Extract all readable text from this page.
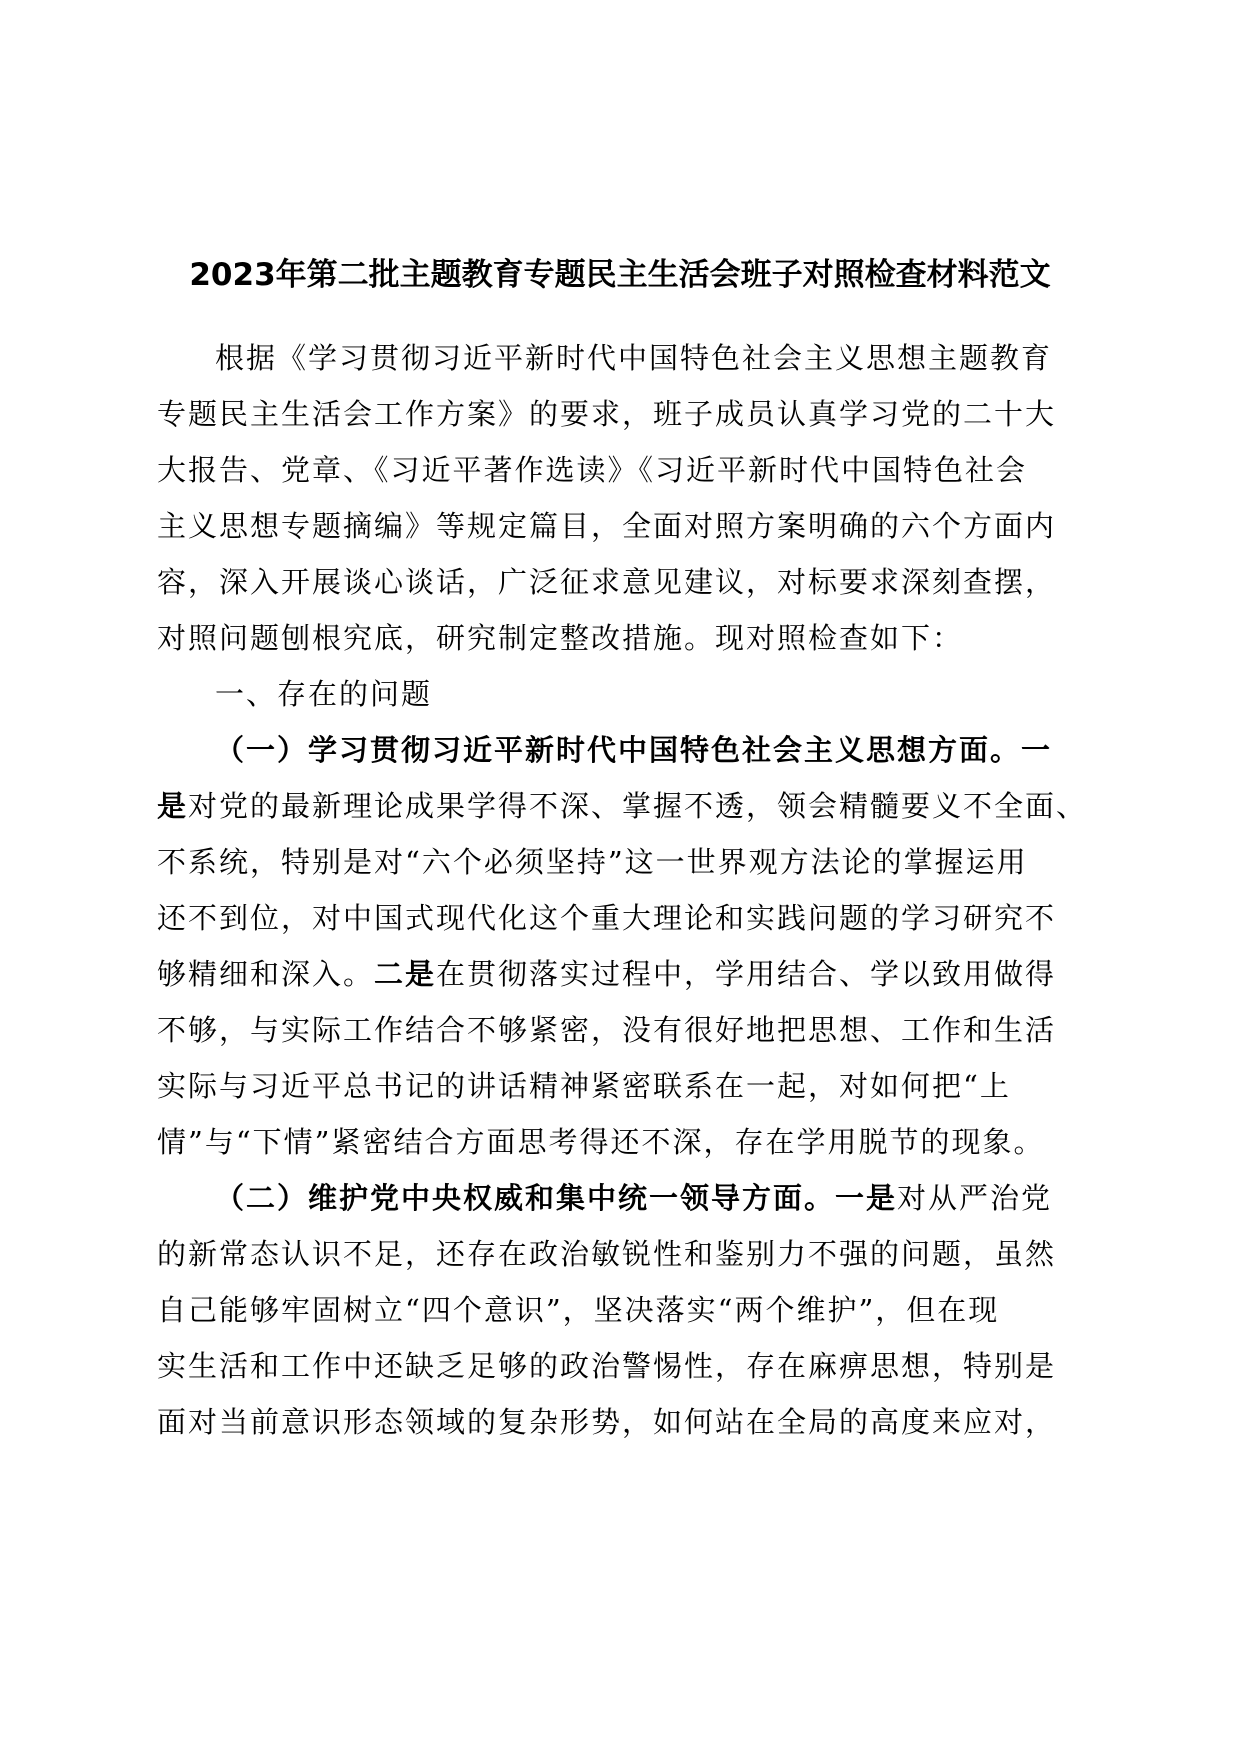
2023年第二批主题教育专题民主生活会班子对照检查材料范文
根据《学习贯彻习近平新时代中国特色社会主义思想主题教育
专题民主生活会工作方案》的要求，班子成员认真学习党的二十大
大报告、党章、《习近平著作选读》《习近平新时代中国特色社会
主义思想专题摘编》等规定篇目，全面对照方案明确的六个方面内
容，深入开展谈心谈话，广泛征求意见建议，对标要求深刻查摆，
对照问题刨根究底，研究制定整改措施。现对照检查如下：
一、存在的问题
（一）学习贯彻习近平新时代中国特色社会主义思想方面。一
是对党的最新理论成果学得不深、掌握不透，领会精髓要义不全面、
不系统，特别是对“六个必须坚持”这一世界观方法论的掌握运用
还不到位，对中国式现代化这个重大理论和实践问题的学习研究不
够精细和深入。二是在贯彻落实过程中，学用结合、学以致用做得
不够，与实际工作结合不够紧密，没有很好地把思想、工作和生活
实际与习近平总书记的讲话精神紧密联系在一起，对如何把“上
情”与“下情”紧密结合方面思考得还不深，存在学用脱节的现象。
（二）维护党中央权威和集中统一领导方面。一是对从严治党
的新常态认识不足，还存在政治敏锐性和鉴别力不强的问题，虽然
自己能够牢固树立“四个意识”，坚决落实“两个维护”，但在现
实生活和工作中还缺乏足够的政治警惕性，存在麻痹思想，特别是
面对当前意识形态领域的复杂形势，如何站在全局的高度来应对，
